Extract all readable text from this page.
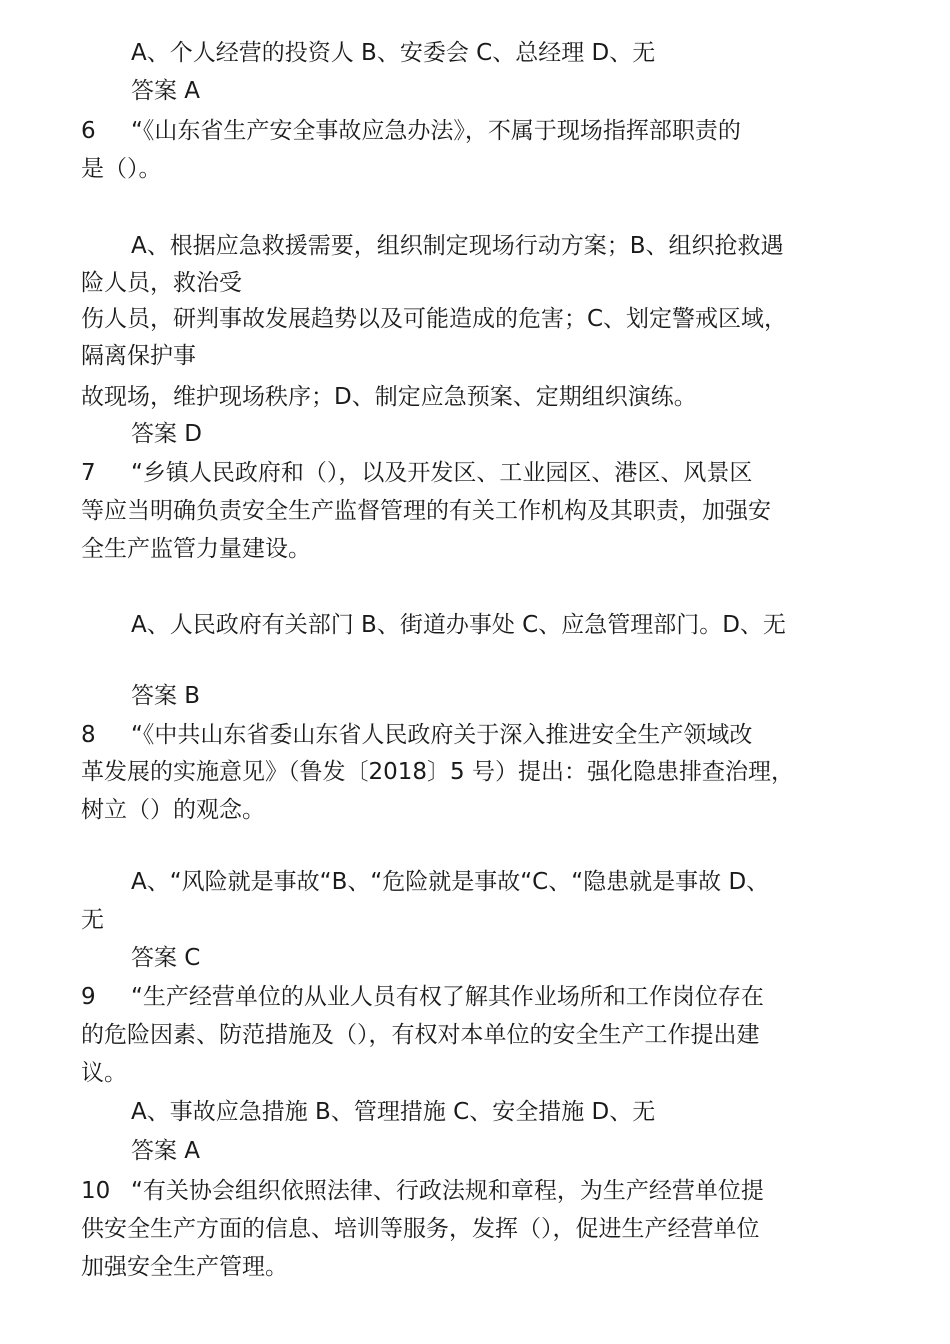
A、个人经营的投资人 B、安委会 C、总经理 D、无
答案 A
6 “《山东省生产安全事故应急办法》，不属于现场指挥部职责的
是（）。
A、根据应急救援需要，组织制定现场行动方案；B、组织抢救遇
险人员，救治受
伤人员，研判事故发展趋势以及可能造成的危害；C、划定警戒区域，
隔离保护事
故现场，维护现场秩序；D、制定应急预案、定期组织演练。
答案 D
7 “乡镇人民政府和（），以及开发区、工业园区、港区、风景区
等应当明确负责安全生产监督管理的有关工作机构及其职责，加强安
全生产监管力量建设。
A、人民政府有关部门 B、街道办事处 C、应急管理部门。D、无
答案 B
8 “《中共山东省委山东省人民政府关于深入推进安全生产领域改
革发展的实施意见》（鲁发〔2018〕5 号）提出：强化隐患排查治理，
树立（）的观念。
A、“风险就是事故“B、“危险就是事故“C、“隐患就是事故 D、
无
答案 C
9 “生产经营单位的从业人员有权了解其作业场所和工作岗位存在
的危险因素、防范措施及（），有权对本单位的安全生产工作提出建
议。
A、事故应急措施 B、管理措施 C、安全措施 D、无
答案 A
10 “有关协会组织依照法律、行政法规和章程，为生产经营单位提
供安全生产方面的信息、培训等服务，发挥（），促进生产经营单位
加强安全生产管理。
